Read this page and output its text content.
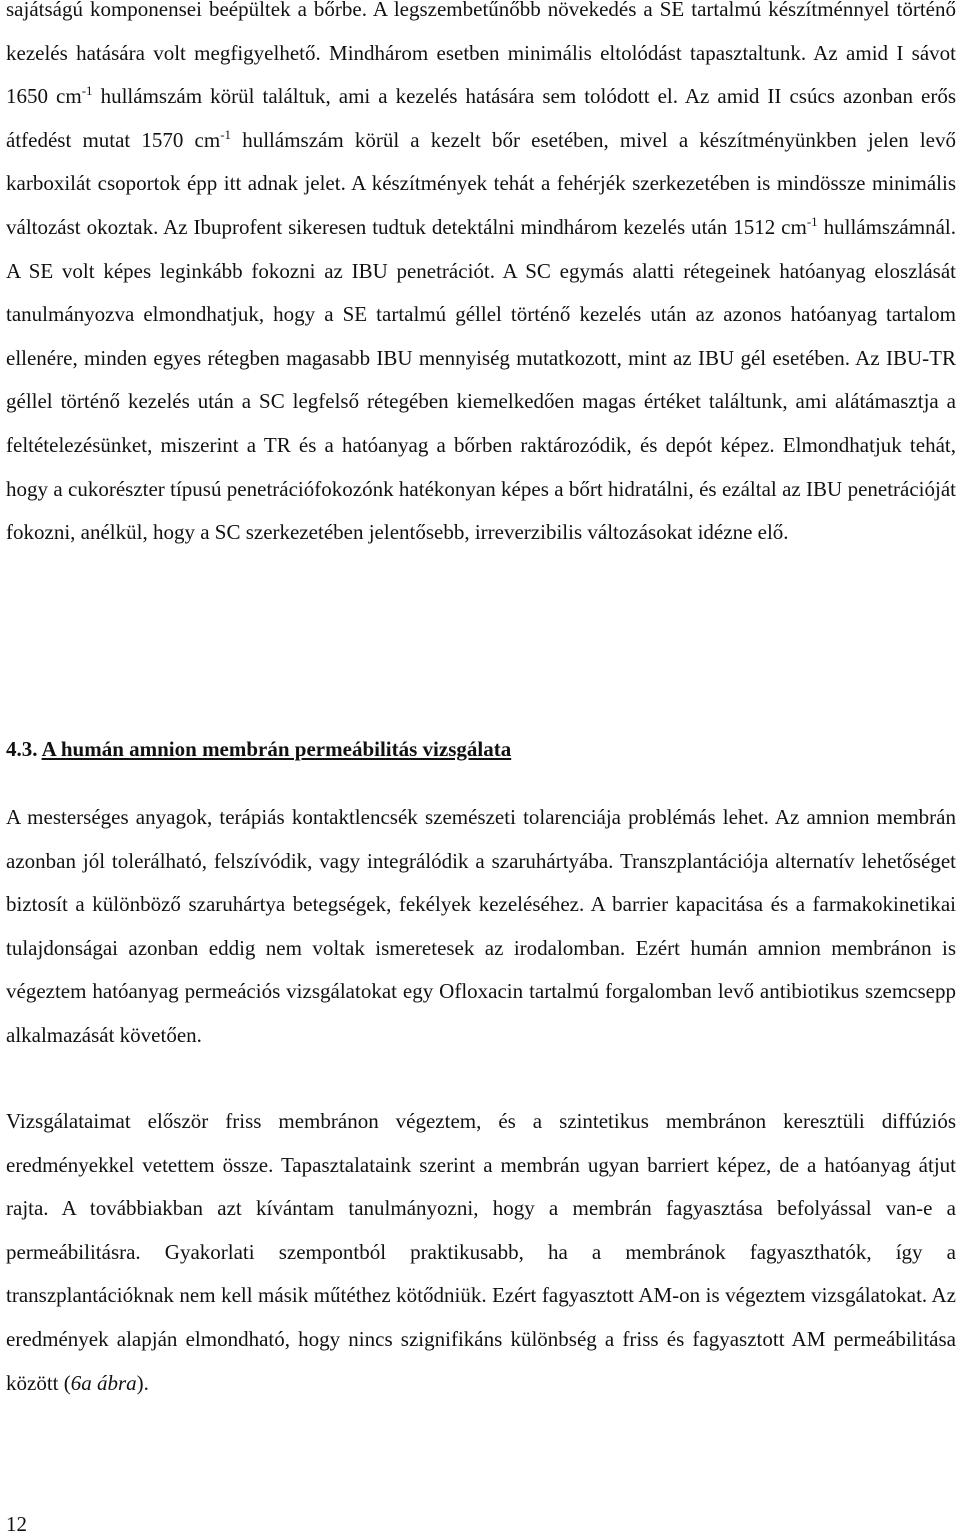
sajátságú komponensei beépültek a bőrbe. A legszembetűnőbb növekedés a SE tartalmú készítménnyel történő kezelés hatására volt megfigyelhető. Mindhárom esetben minimális eltolódást tapasztaltunk. Az amid I sávot 1650 $cm^{-1}$ hullámszám körül találtuk, ami a kezelés hatására sem tolódott el. Az amid II csúcs azonban erős átfedést mutat 1570 $cm^{-1}$ hullámszám körül a kezelt bőr esetében, mivel a készítményünkben jelen levő karboxilát csoportok épp itt adnak jelet. A készítmények tehát a fehérjék szerkezetében is mindössze minimális változást okoztak. Az Ibuprofent sikeresen tudtuk detektálni mindhárom kezelés után 1512 $cm^{-1}$ hullámszámnál. A SE volt képes leginkább fokozni az IBU penetrációt. A SC egymás alatti rétegeinek hatóanyag eloszlását tanulmányozva elmondhatjuk, hogy a SE tartalmú géllel történő kezelés után az azonos hatóanyag tartalom ellenére, minden egyes rétegben magasabb IBU mennyiség mutatkozott, mint az IBU gél esetében. Az IBU-TR géllel történő kezelés után a SC legfelső rétegében kiemelkedően magas értéket találtunk, ami alátámasztja a feltételezésünket, miszerint a TR és a hatóanyag a bőrben raktározódik, és depót képez. Elmondhatjuk tehát, hogy a cukorészter típusú penetrációfokozónk hatékonyan képes a bőrt hidratálni, és ezáltal az IBU penetrációját fokozni, anélkül, hogy a SC szerkezetében jelentősebb, irreverzibilis változásokat idézne elő.

4.3. A humán amnion membrán permeábilitás vizsgálata

A mesterséges anyagok, terápiás kontaktlencsék szemészeti tolarenciája problémás lehet. Az amnion membrán azonban jól tolerálható, felszívódik, vagy integrálódik a szaruhártyába. Transzplantációja alternatív lehetőséget biztosít a különböző szaruhártya betegségek, fekélyek kezeléséhez. A barrier kapacitása és a farmakokinetikai tulajdonságai azonban eddig nem voltak ismeretesek az irodalomban. Ezért humán amnion membránon is végeztem hatóanyag permeációs vizsgálatokat egy Ofloxacin tartalmú forgalomban levő antibiotikus szemcsepp alkalmazását követően.

Vizsgálataimat először friss membránon végeztem, és a szintetikus membránon keresztüli diffúziós eredményekkel vetettem össze. Tapasztalataink szerint a membrán ugyan barriert képez, de a hatóanyag átjut rajta. A továbbiakban azt kívántam tanulmányozni, hogy a membrán fagyasztása befolyással van-e a permeábilitásra. Gyakorlati szempontból praktikusabb, ha a membránok fagyaszthatók, így a transzplantációknak nem kell másik műtéthez kötődniük. Ezért fagyasztott AM-on is végeztem vizsgálatokat. Az eredmények alapján elmondható, hogy nincs szignifikáns különbség a friss és fagyasztott AM permeábilitása között (6a ábra).

12
